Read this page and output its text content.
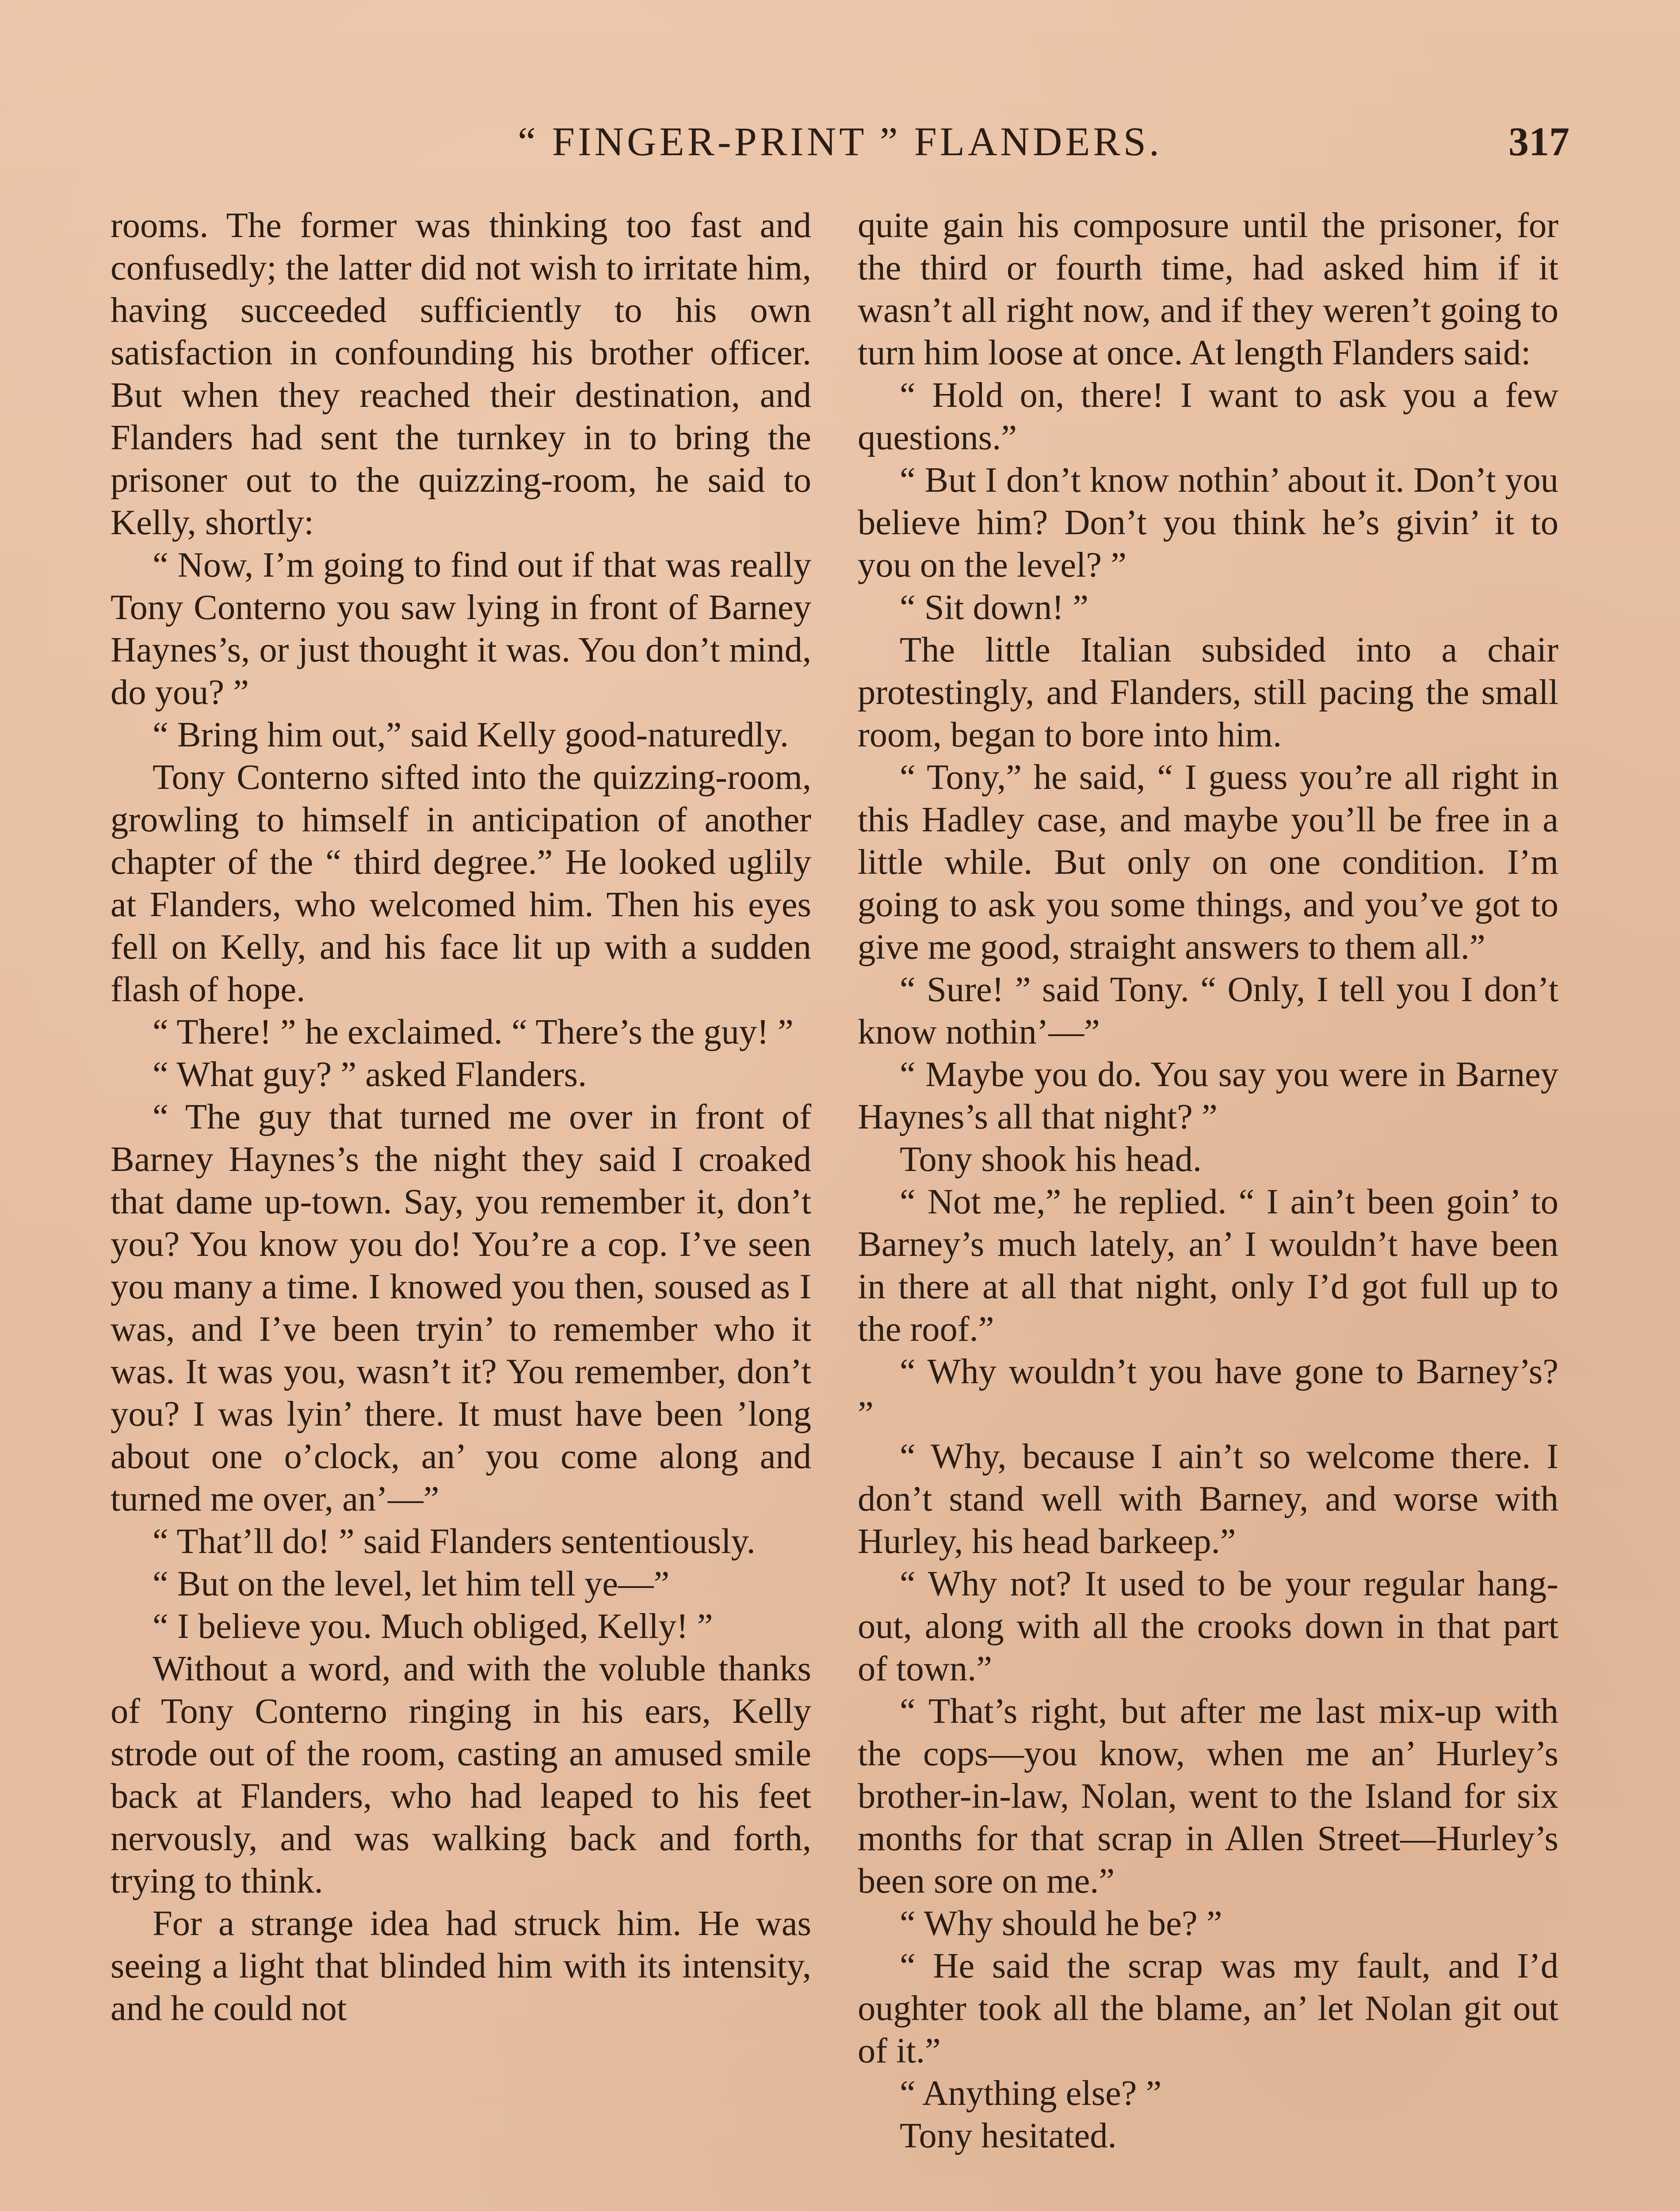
“ FINGER-PRINT ” FLANDERS.	317

rooms. The former was thinking too fast and confusedly; the latter did not wish to irritate him, having succeeded sufficiently to his own satisfaction in confounding his brother officer. But when they reached their destination, and Flanders had sent the turnkey in to bring the prisoner out to the quizzing-room, he said to Kelly, shortly:

“ Now, I’m going to find out if that was really Tony Conterno you saw lying in front of Barney Haynes’s, or just thought it was. You don’t mind, do you? ”

“ Bring him out,” said Kelly good-naturedly.

Tony Conterno sifted into the quizzing-room, growling to himself in anticipation of another chapter of the “ third degree.” He looked uglily at Flanders, who welcomed him. Then his eyes fell on Kelly, and his face lit up with a sudden flash of hope.

“ There! ” he exclaimed. “ There’s the guy! ”

“ What guy? ” asked Flanders.

“ The guy that turned me over in front of Barney Haynes’s the night they said I croaked that dame up-town. Say, you remember it, don’t you? You know you do! You’re a cop. I’ve seen you many a time. I knowed you then, soused as I was, and I’ve been tryin’ to remember who it was. It was you, wasn’t it? You remember, don’t you? I was lyin’ there. It must have been ’long about one o’clock, an’ you come along and turned me over, an’—”

“ That’ll do! ” said Flanders sententiously.

“ But on the level, let him tell ye—”

“ I believe you. Much obliged, Kelly! ”

Without a word, and with the voluble thanks of Tony Conterno ringing in his ears, Kelly strode out of the room, casting an amused smile back at Flanders, who had leaped to his feet nervously, and was walking back and forth, trying to think.

For a strange idea had struck him. He was seeing a light that blinded him with its intensity, and he could not

quite gain his composure until the prisoner, for the third or fourth time, had asked him if it wasn’t all right now, and if they weren’t going to turn him loose at once. At length Flanders said:

“ Hold on, there! I want to ask you a few questions.”

“ But I don’t know nothin’ about it. Don’t you believe him? Don’t you think he’s givin’ it to you on the level? ”

“ Sit down! ”

The little Italian subsided into a chair protestingly, and Flanders, still pacing the small room, began to bore into him.

“ Tony,” he said, “ I guess you’re all right in this Hadley case, and maybe you’ll be free in a little while. But only on one condition. I’m going to ask you some things, and you’ve got to give me good, straight answers to them all.”

“ Sure! ” said Tony. “ Only, I tell you I don’t know nothin’—”

“ Maybe you do. You say you were in Barney Haynes’s all that night? ”

Tony shook his head.

“ Not me,” he replied. “ I ain’t been goin’ to Barney’s much lately, an’ I wouldn’t have been in there at all that night, only I’d got full up to the roof.”

“ Why wouldn’t you have gone to Barney’s? ”

“ Why, because I ain’t so welcome there. I don’t stand well with Barney, and worse with Hurley, his head barkeep.”

“ Why not? It used to be your regular hang-out, along with all the crooks down in that part of town.”

“ That’s right, but after me last mix-up with the cops—you know, when me an’ Hurley’s brother-in-law, Nolan, went to the Island for six months for that scrap in Allen Street—Hurley’s been sore on me.”

“ Why should he be? ”

“ He said the scrap was my fault, and I’d oughter took all the blame, an’ let Nolan git out of it.”

“ Anything else? ”

Tony hesitated.
